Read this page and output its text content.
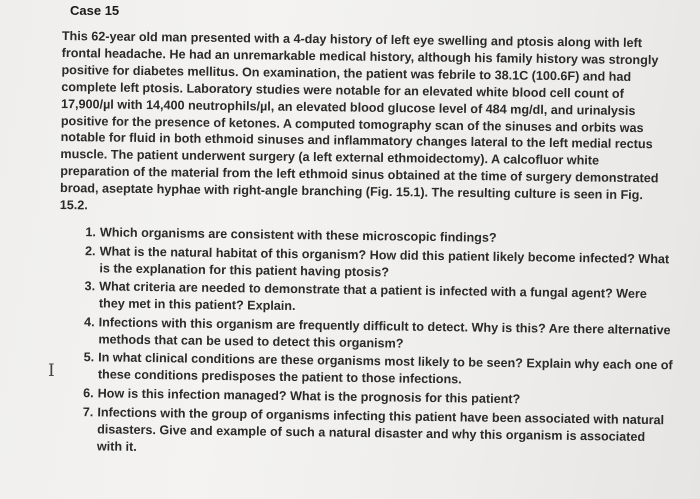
Case 15

This 62-year old man presented with a 4-day history of left eye swelling and ptosis along with left frontal headache. He had an unremarkable medical history, although his family history was strongly positive for diabetes mellitus. On examination, the patient was febrile to 38.1C (100.6F) and had complete left ptosis. Laboratory studies were notable for an elevated white blood cell count of 17,900/µl with 14,400 neutrophils/µl, an elevated blood glucose level of 484 mg/dl, and urinalysis positive for the presence of ketones. A computed tomography scan of the sinuses and orbits was notable for fluid in both ethmoid sinuses and inflammatory changes lateral to the left medial rectus muscle. The patient underwent surgery (a left external ethmoidectomy). A calcofluor white preparation of the material from the left ethmoid sinus obtained at the time of surgery demonstrated broad, aseptate hyphae with right-angle branching (Fig. 15.1). The resulting culture is seen in Fig. 15.2.

1. Which organisms are consistent with these microscopic findings?
2. What is the natural habitat of this organism? How did this patient likely become infected? What is the explanation for this patient having ptosis?
3. What criteria are needed to demonstrate that a patient is infected with a fungal agent? Were they met in this patient? Explain.
4. Infections with this organism are frequently difficult to detect. Why is this? Are there alternative methods that can be used to detect this organism?
5. In what clinical conditions are these organisms most likely to be seen? Explain why each one of these conditions predisposes the patient to those infections.
6. How is this infection managed? What is the prognosis for this patient?
7. Infections with the group of organisms infecting this patient have been associated with natural disasters. Give and example of such a natural disaster and why this organism is associated with it.
I
